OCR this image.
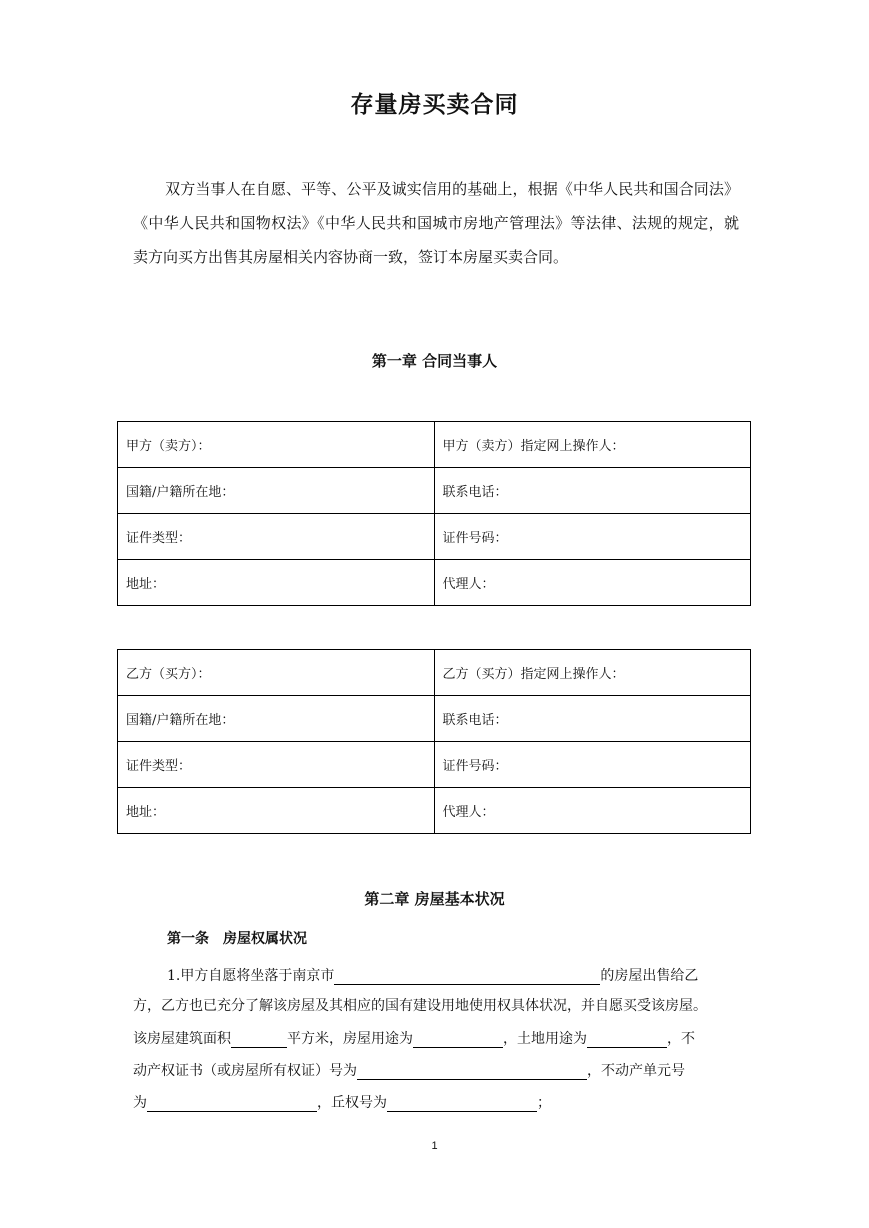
存量房买卖合同
双方当事人在自愿、平等、公平及诚实信用的基础上，根据《中华人民共和国合同法》《中华人民共和国物权法》《中华人民共和国城市房地产管理法》等法律、法规的规定，就卖方向买方出售其房屋相关内容协商一致，签订本房屋买卖合同。
第一章 合同当事人
甲方（卖方）：	甲方（卖方）指定网上操作人：
国籍/户籍所在地：	联系电话：
证件类型：	证件号码：
地址：	代理人：
乙方（买方）：	乙方（买方）指定网上操作人：
国籍/户籍所在地：	联系电话：
证件类型：	证件号码：
地址：	代理人：
第二章 房屋基本状况
第一条 房屋权属状况
1.甲方自愿将坐落于南京市	的房屋出售给乙
方，乙方也已充分了解该房屋及其相应的国有建设用地使用权具体状况，并自愿买受该房屋。
该房屋建筑面积	平方米，房屋用途为	，土地用途为	，不
动产权证书（或房屋所有权证）号为	，不动产单元号
为	，丘权号为	；
1
